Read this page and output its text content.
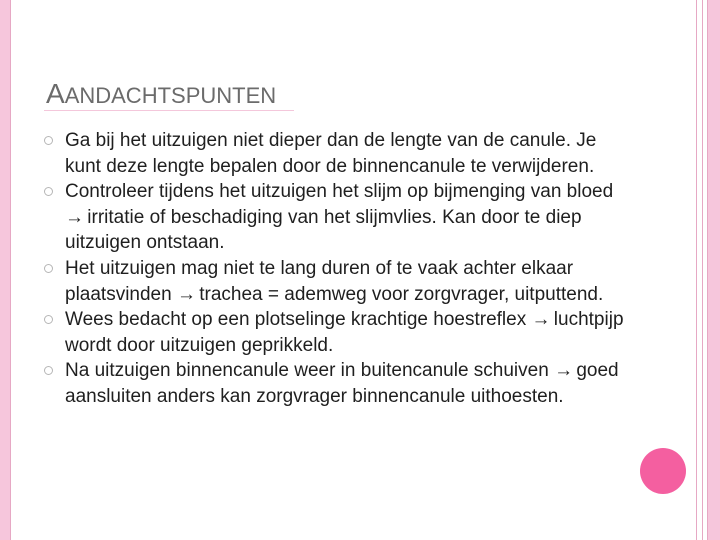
AANDACHTSPUNTEN
Ga bij het uitzuigen niet dieper dan de lengte van de canule. Je kunt deze lengte bepalen door de binnencanule te verwijderen.
Controleer tijdens het uitzuigen het slijm op bijmenging van bloed → irritatie of beschadiging van het slijmvlies. Kan door te diep uitzuigen ontstaan.
Het uitzuigen mag niet te lang duren of te vaak achter elkaar plaatsvinden → trachea = ademweg voor zorgvrager, uitputtend.
Wees bedacht op een plotselinge krachtige hoestreflex → luchtpijp wordt door uitzuigen geprikkeld.
Na uitzuigen binnencanule weer in buitencanule schuiven → goed aansluiten anders kan zorgvrager binnencanule uithoesten.
